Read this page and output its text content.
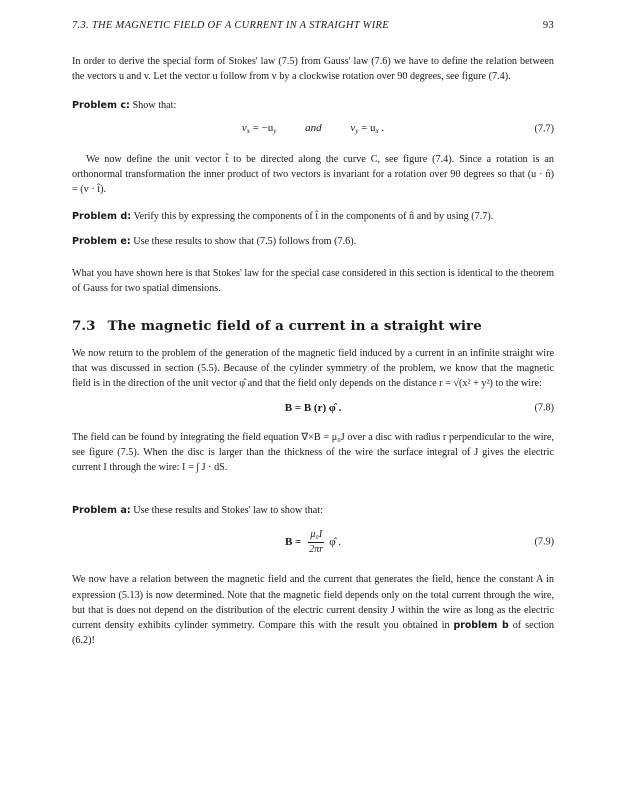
7.3. THE MAGNETIC FIELD OF A CURRENT IN A STRAIGHT WIRE	93

In order to derive the special form of Stokes' law (7.5) from Gauss' law (7.6) we have to define the relation between the vectors u and v. Let the vector u follow from v by a clockwise rotation over 90 degrees, see figure (7.4).

Problem c: Show that:

$v_x = -u_y$	and	$v_y = u_x$ .	(7.7)

We now define the unit vector t̂ to be directed along the curve C, see figure (7.4). Since a rotation is an orthonormal transformation the inner product of two vectors is invariant for a rotation over 90 degrees so that (u · n̂) = (v · t̂).

Problem d: Verify this by expressing the components of t̂ in the components of n̂ and by using (7.7).

Problem e: Use these results to show that (7.5) follows from (7.6).

What you have shown here is that Stokes' law for the special case considered in this section is identical to the theorem of Gauss for two spatial dimensions.

7.3 The magnetic field of a current in a straight wire

We now return to the problem of the generation of the magnetic field induced by a current in an infinite straight wire that was discussed in section (5.5). Because of the cylinder symmetry of the problem, we know that the magnetic field is in the direction of the unit vector φ̂ and that the field only depends on the distance r = √(x² + y²) to the wire:

B = B (r) φ̂ .	(7.8)

The field can be found by integrating the field equation ∇×B = μ₀J over a disc with radius r perpendicular to the wire, see figure (7.5). When the disc is larger than the thickness of the wire the surface integral of J gives the electric current I through the wire: I = ∫ J · dS.

Problem a: Use these results and Stokes' law to show that:

$B = \frac{\text{μ₀I}}{2\pi r}$ φ̂ .	(7.9)

We now have a relation between the magnetic field and the current that generates the field, hence the constant A in expression (5.13) is now determined. Note that the magnetic field depends only on the total current through the wire, but that is does not depend on the distribution of the electric current density J within the wire as long as the electric current density exhibits cylinder symmetry. Compare this with the result you obtained in problem b of section (6.2)!
